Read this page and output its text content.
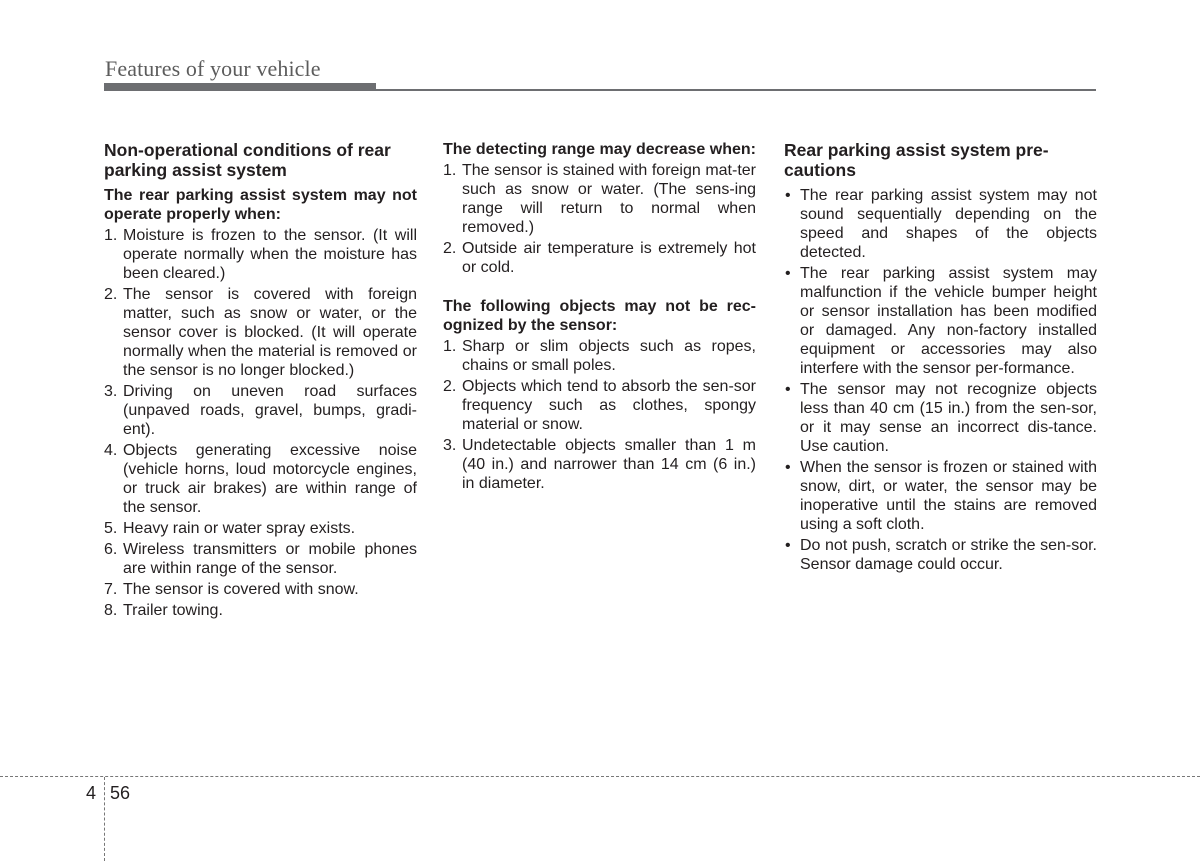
Features of your vehicle
Non-operational conditions of rear parking assist system

The rear parking assist system may not operate properly when:

1. Moisture is frozen to the sensor. (It will operate normally when the moisture has been cleared.)
2. The sensor is covered with foreign matter, such as snow or water, or the sensor cover is blocked. (It will operate normally when the material is removed or the sensor is no longer blocked.)
3. Driving on uneven road surfaces (unpaved roads, gravel, bumps, gradi-ent).
4. Objects generating excessive noise (vehicle horns, loud motorcycle engines, or truck air brakes) are within range of the sensor.
5. Heavy rain or water spray exists.
6. Wireless transmitters or mobile phones are within range of the sensor.
7. The sensor is covered with snow.
8. Trailer towing.

The detecting range may decrease when:

1. The sensor is stained with foreign mat-ter such as snow or water. (The sens-ing range will return to normal when removed.)
2. Outside air temperature is extremely hot or cold.

The following objects may not be rec-ognized by the sensor:

1. Sharp or slim objects such as ropes, chains or small poles.
2. Objects which tend to absorb the sen-sor frequency such as clothes, spongy material or snow.
3. Undetectable objects smaller than 1 m (40 in.) and narrower than 14 cm (6 in.) in diameter.
Rear parking assist system pre-cautions
• The rear parking assist system may not sound sequentially depending on the speed and shapes of the objects detected.
• The rear parking assist system may malfunction if the vehicle bumper height or sensor installation has been modified or damaged. Any non-factory installed equipment or accessories may also interfere with the sensor per-formance.
• The sensor may not recognize objects less than 40 cm (15 in.) from the sen-sor, or it may sense an incorrect dis-tance. Use caution.
• When the sensor is frozen or stained with snow, dirt, or water, the sensor may be inoperative until the stains are removed using a soft cloth.
• Do not push, scratch or strike the sen-sor. Sensor damage could occur.
4 56
